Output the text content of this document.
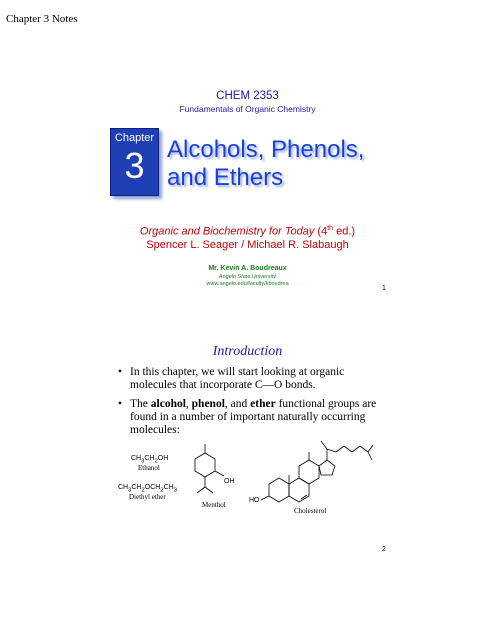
Chapter 3 Notes
CHEM 2353
Fundamentals of Organic Chemistry
Chapter
3 Alcohols, Phenols,
and Ethers
Organic and Biochemistry for Today (4th ed.)
Spencer L. Seager / Michael R. Slabaugh
Mr. Kevin A. Boudreaux
Angelo State University
www.angelo.edu/faculty/kboudrea
1
Introduction
• In this chapter, we will start looking at organic molecules that incorporate C—O bonds.
• The alcohol, phenol, and ether functional groups are found in a number of important naturally occurring molecules:
$CH_3CH_2OH$
Ethanol
$CH_3CH_2OCH_2CH_3$
Diethyl ether
OH
Menthol
HO
Cholesterol
2
